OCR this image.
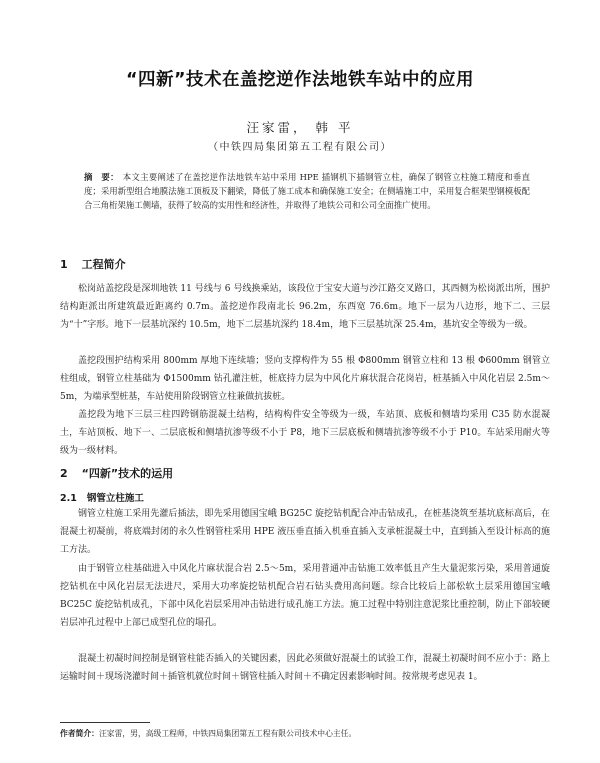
“四新”技术在盖挖逆作法地铁车站中的应用
汪家雷， 韩 平
（中铁四局集团第五工程有限公司）
摘　要： 本文主要阐述了在盖挖逆作法地铁车站中采用 HPE 插钢机下插钢管立柱，确保了钢管立柱施工精度和垂直度；采用新型组合地膜法施工顶板及下翻梁，降低了施工成本和确保施工安全；在侧墙施工中，采用复合框架型钢模板配合三角桁架施工侧墙，获得了较高的实用性和经济性，并取得了地铁公司和公司全面推广使用。
1 工程简介
松岗站盖挖段是深圳地铁 11 号线与 6 号线换乘站，该段位于宝安大道与沙江路交叉路口，其西侧为松岗派出所，围护结构距派出所建筑最近距离约 0.7m。盖挖逆作段南北长 96.2m，东西宽 76.6m。地下一层为八边形，地下二、三层为“十”字形。地下一层基坑深约 10.5m，地下二层基坑深约 18.4m，地下三层基坑深 25.4m，基坑安全等级为一级。
盖挖段围护结构采用 800mm 厚地下连续墙；竖向支撑构件为 55 根 Φ800mm 钢管立柱和 13 根 Φ600mm 钢管立柱组成，钢管立柱基础为 Φ1500mm 钻孔灌注桩，桩底持力层为中风化片麻状混合花岗岩，桩基插入中风化岩层 2.5m～5m，为端承型桩基，车站使用阶段钢管立柱兼做抗拔桩。
盖挖段为地下三层三柱四跨钢筋混凝土结构，结构构件安全等级为一级，车站顶、底板和侧墙均采用 C35 防水混凝土，车站顶板、地下一、二层底板和侧墙抗渗等级不小于 P8，地下三层底板和侧墙抗渗等级不小于 P10。车站采用耐火等级为一级材料。
2 “四新”技术的运用
2.1 钢管立柱施工
钢管立柱施工采用先灌后插法，即先采用德国宝峨 BG25C 旋挖钻机配合冲击钻成孔，在桩基浇筑至基坑底标高后，在混凝土初凝前，将底端封闭的永久性钢管柱采用 HPE 液压垂直插入机垂直插入支承桩混凝土中，直到插入至设计标高的施工方法。
由于钢管立柱基础进入中风化片麻状混合岩 2.5～5m，采用普通冲击钻施工效率低且产生大量泥浆污染，采用普通旋挖钻机在中风化岩层无法进尺，采用大功率旋挖钻机配合岩石钻头费用高问题。综合比较后上部松软土层采用德国宝峨 BC25C 旋挖钻机成孔，下部中风化岩层采用冲击钻进行成孔施工方法。施工过程中特别注意泥浆比重控制，防止下部较硬岩层冲孔过程中上部已成型孔位的塌孔。
混凝土初凝时间控制是钢管柱能否插入的关键因素，因此必须做好混凝土的试验工作，混凝土初凝时间不应小于：路上运输时间＋现场浇灌时间＋插管机就位时间＋钢管柱插入时间＋不确定因素影响时间。按常规考虑见表 1。
作者简介：汪家雷，男，高级工程师，中铁四局集团第五工程有限公司技术中心主任。
